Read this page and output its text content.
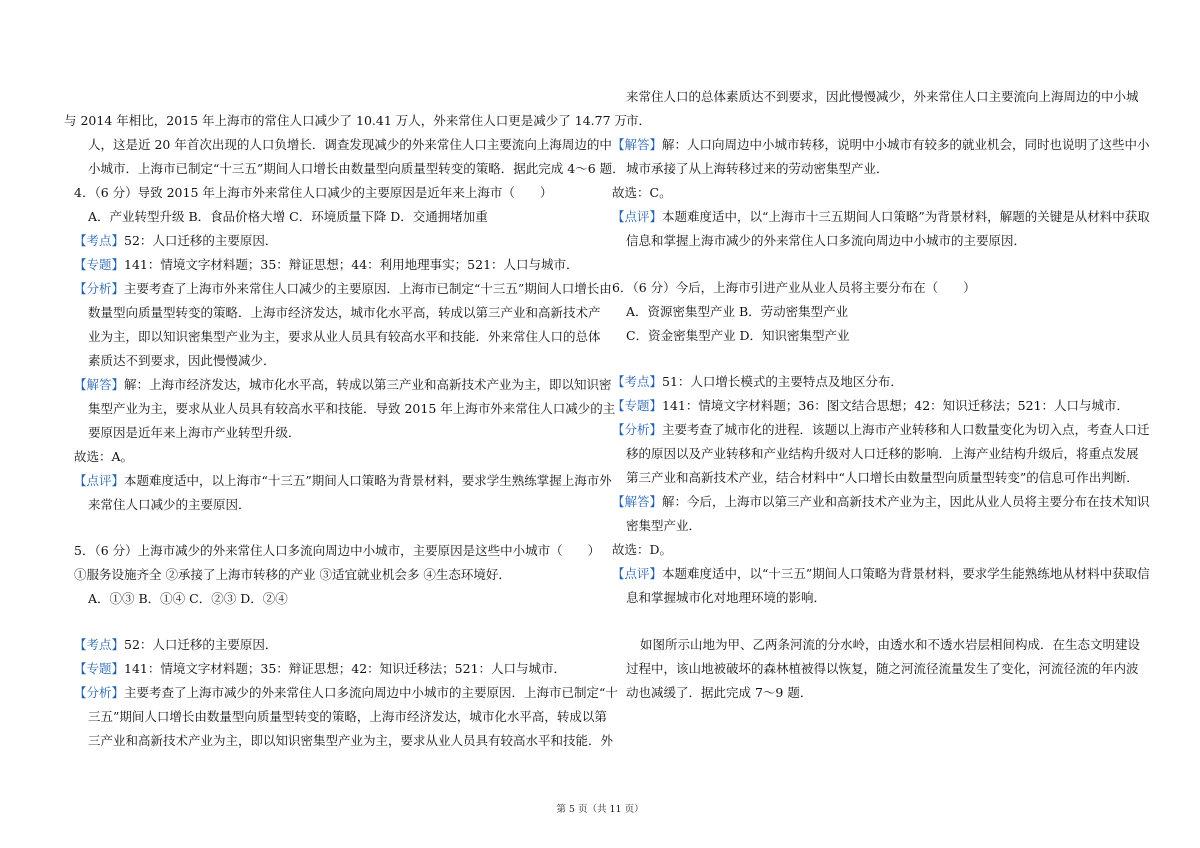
与 2014 年相比，2015 年上海市的常住人口减少了 10.41 万人，外来常住人口更是减少了 14.77 万
人，这是近 20 年首次出现的人口负增长．调查发现减少的外来常住人口主要流向上海周边的中
小城市．上海市已制定“十三五”期间人口增长由数量型向质量型转变的策略．据此完成 4～6 题．
4．（6 分）导致 2015 年上海市外来常住人口减少的主要原因是近年来上海市（　　）
A．产业转型升级 B．食品价格大增 C．环境质量下降 D．交通拥堵加重
【考点】52：人口迁移的主要原因．
【专题】141：情境文字材料题；35：辩证思想；44：利用地理事实；521：人口与城市．
【分析】主要考查了上海市外来常住人口减少的主要原因．上海市已制定“十三五”期间人口增长由
数量型向质量型转变的策略．上海市经济发达，城市化水平高，转成以第三产业和高新技术产
业为主，即以知识密集型产业为主，要求从业人员具有较高水平和技能．外来常住人口的总体
素质达不到要求，因此慢慢减少．
【解答】解：上海市经济发达，城市化水平高，转成以第三产业和高新技术产业为主，即以知识密
集型产业为主，要求从业人员具有较高水平和技能．导致 2015 年上海市外来常住人口减少的主
要原因是近年来上海市产业转型升级．
故选：A。
【点评】本题难度适中，以上海市“十三五”期间人口策略为背景材料，要求学生熟练掌握上海市外
来常住人口减少的主要原因．
5．（6 分）上海市减少的外来常住人口多流向周边中小城市，主要原因是这些中小城市（　　）
①服务设施齐全 ②承接了上海市转移的产业 ③适宜就业机会多 ④生态环境好．
A．①③ B．①④ C．②③ D．②④
【考点】52：人口迁移的主要原因．
【专题】141：情境文字材料题；35：辩证思想；42：知识迁移法；521：人口与城市．
【分析】主要考查了上海市减少的外来常住人口多流向周边中小城市的主要原因．上海市已制定“十
三五”期间人口增长由数量型向质量型转变的策略，上海市经济发达，城市化水平高，转成以第
三产业和高新技术产业为主，即以知识密集型产业为主，要求从业人员具有较高水平和技能．外
来常住人口的总体素质达不到要求，因此慢慢减少，外来常住人口主要流向上海周边的中小城
市．
【解答】解：人口向周边中小城市转移，说明中小城市有较多的就业机会，同时也说明了这些中小
城市承接了从上海转移过来的劳动密集型产业．
故选：C。
【点评】本题难度适中，以“上海市十三五期间人口策略”为背景材料，解题的关键是从材料中获取
信息和掌握上海市减少的外来常住人口多流向周边中小城市的主要原因．
6．（6 分）今后，上海市引进产业从业人员将主要分布在（　　）
A．资源密集型产业 B．劳动密集型产业
C．资金密集型产业 D．知识密集型产业
【考点】51：人口增长模式的主要特点及地区分布．
【专题】141：情境文字材料题；36：图文结合思想；42：知识迁移法；521：人口与城市．
【分析】主要考查了城市化的进程．该题以上海市产业转移和人口数量变化为切入点，考查人口迁
移的原因以及产业转移和产业结构升级对人口迁移的影响．上海产业结构升级后，将重点发展
第三产业和高新技术产业，结合材料中“人口增长由数量型向质量型转变”的信息可作出判断．
【解答】解：今后，上海市以第三产业和高新技术产业为主，因此从业人员将主要分布在技术知识
密集型产业．
故选：D。
【点评】本题难度适中，以“十三五”期间人口策略为背景材料，要求学生能熟练地从材料中获取信
息和掌握城市化对地理环境的影响．
如图所示山地为甲、乙两条河流的分水岭，由透水和不透水岩层相间构成．在生态文明建设
过程中，该山地被破坏的森林植被得以恢复，随之河流径流量发生了变化，河流径流的年内波
动也减缓了．据此完成 7～9 题．
第 5 页（共 11 页）
